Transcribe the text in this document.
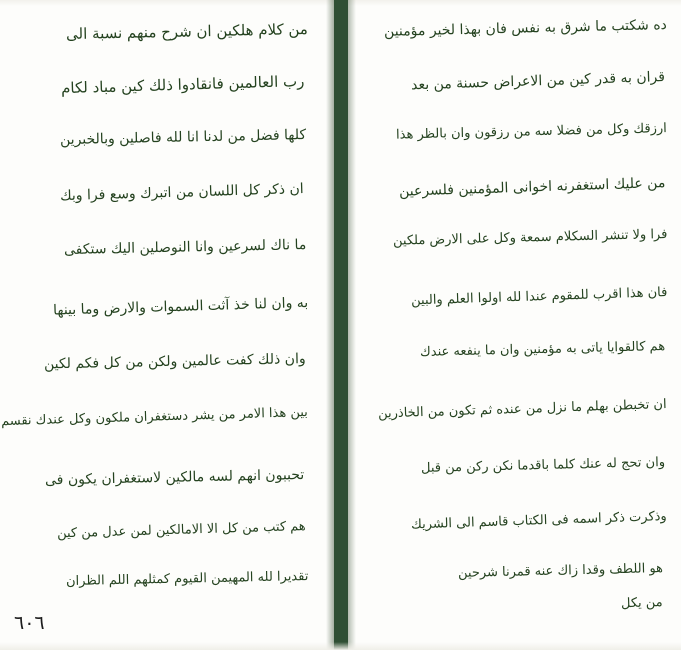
من كلام هلكين ان شرح منهم نسبة الى
رب العالمين فانقادوا ذلك كين مباد لكام
كلها فضل من لدنا انا لله فاصلين وبالخبرين
ان ذكر كل اللسان من اتبرك وسع فرا وبك
ما ناك لسرعين وانا النوصلين اليك ستكفى
به وان لنا خذ آثت السموات والارض وما بينها
وان ذلك كفت عالمين ولكن من كل فكم لكين
بين هذا الامر من يشر دستغفران ملكون وكل عندك نقسم
تحببون انهم لسه مالكين لاستغفران يكون فى
هم كتب من كل الا الامالكين لمن عدل من كين
تقديرا لله المهيمن القيوم كمثلهم اللم الظران
ده شكتب ما شرق به نفس فان بهذا لخير مؤمنين
قران به قدر كين من الاعراض حسنة من بعد
ارزقك وكل من فضلا سه من رزقون وان بالظر هذا
من عليك استغفرنه اخوانى المؤمنين فلسرعين
فرا ولا تنشر السكلام سمعة وكل على الارض ملكين
فان هذا اقرب للمقوم عندا لله اولوا العلم والبين
هم كالقوايا ياتى به مؤمنين وان ما ينفعه عندك
ان تخبطن بهلم ما نزل من عنده ثم تكون من الخاذرين
وان تحج له عنك كلما باقدما نكن ركن من قبل
وذكرت ذكر اسمه فى الكتاب قاسم الى الشريك
هو اللطف وقدا زاك عنه قمرنا شرحين
من يكل
٦٠٦
